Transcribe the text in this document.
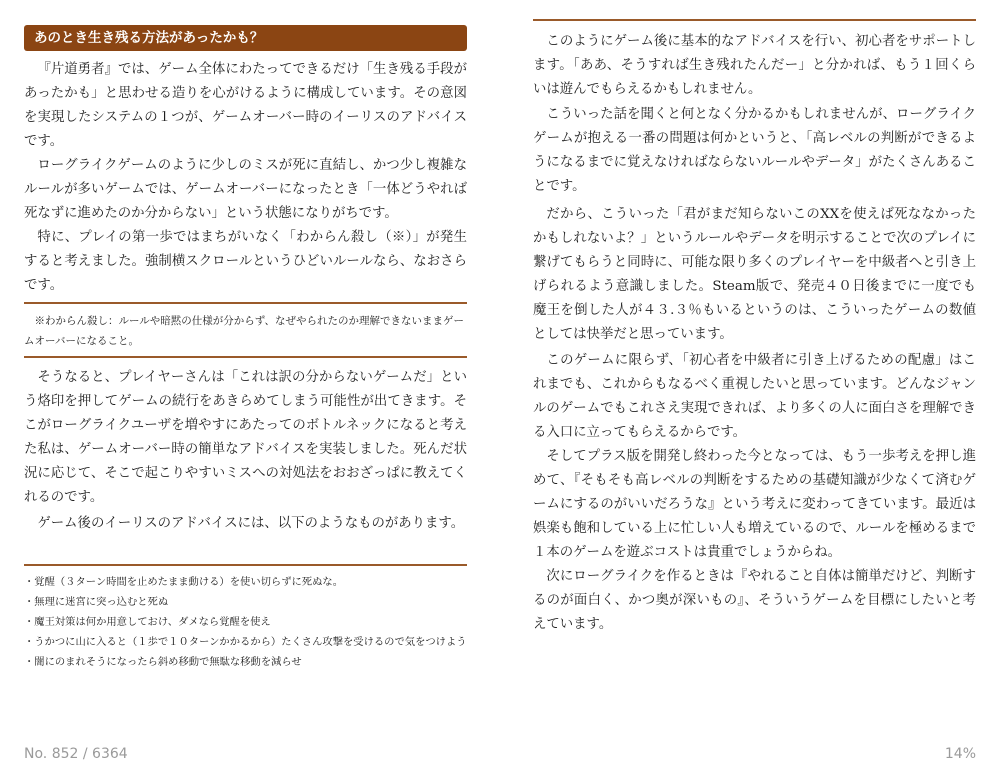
あのとき生き残る方法があったかも？

『片道勇者』では、ゲーム全体にわたってできるだけ「生き残る手段があったかも」と思わせる造りを心がけるように構成しています。その意図を実現したシステムの１つが、ゲームオーバー時のイーリスのアドバイスです。

ローグライクゲームのように少しのミスが死に直結し、かつ少し複雑なルールが多いゲームでは、ゲームオーバーになったとき「一体どうやれば死なずに進めたのか分からない」という状態になりがちです。

特に、プレイの第一歩ではまちがいなく「わからん殺し（※）」が発生すると考えました。強制横スクロールというひどいルールなら、なおさらです。

※わからん殺し：ルールや暗黙の仕様が分からず、なぜやられたのか理解できないままゲームオーバーになること。

そうなると、プレイヤーさんは「これは訳の分からないゲームだ」という烙印を押してゲームの続行をあきらめてしまう可能性が出てきます。そこがローグライクユーザを増やすにあたってのボトルネックになると考えた私は、ゲームオーバー時の簡単なアドバイスを実装しました。死んだ状況に応じて、そこで起こりやすいミスへの対処法をおおざっぱに教えてくれるのです。

ゲーム後のイーリスのアドバイスには、以下のようなものがあります。

・覚醒（３ターン時間を止めたまま動ける）を使い切らずに死ぬな。
・無理に迷宮に突っ込むと死ぬ
・魔王対策は何か用意しておけ、ダメなら覚醒を使え
・うかつに山に入ると（１歩で１０ターンかかるから）たくさん攻撃を受けるので気をつけよう
・闇にのまれそうになったら斜め移動で無駄な移動を減らせ

このようにゲーム後に基本的なアドバイスを行い、初心者をサポートします。「ああ、そうすれば生き残れたんだー」と分かれば、もう１回くらいは遊んでもらえるかもしれません。

こういった話を聞くと何となく分かるかもしれませんが、ローグライクゲームが抱える一番の問題は何かというと、「高レベルの判断ができるようになるまでに覚えなければならないルールやデータ」がたくさんあることです。

だから、こういった「君がまだ知らないこのXXを使えば死ななかったかもしれないよ？」というルールやデータを明示することで次のプレイに繋げてもらうと同時に、可能な限り多くのプレイヤーを中級者へと引き上げられるよう意識しました。Steam版で、発売４０日後までに一度でも魔王を倒した人が４３.３％もいるというのは、こういったゲームの数値としては快挙だと思っています。

このゲームに限らず、「初心者を中級者に引き上げるための配慮」はこれまでも、これからもなるべく重視したいと思っています。どんなジャンルのゲームでもこれさえ実現できれば、より多くの人に面白さを理解できる入口に立ってもらえるからです。

そしてプラス版を開発し終わった今となっては、もう一歩考えを押し進めて、『そもそも高レベルの判断をするための基礎知識が少なくて済むゲームにするのがいいだろうな』という考えに変わってきています。最近は娯楽も飽和している上に忙しい人も増えているので、ルールを極めるまで１本のゲームを遊ぶコストは貴重でしょうからね。

次にローグライクを作るときは『やれること自体は簡単だけど、判断するのが面白く、かつ奥が深いもの』、そういうゲームを目標にしたいと考えています。

No. 852 / 6364	14%
